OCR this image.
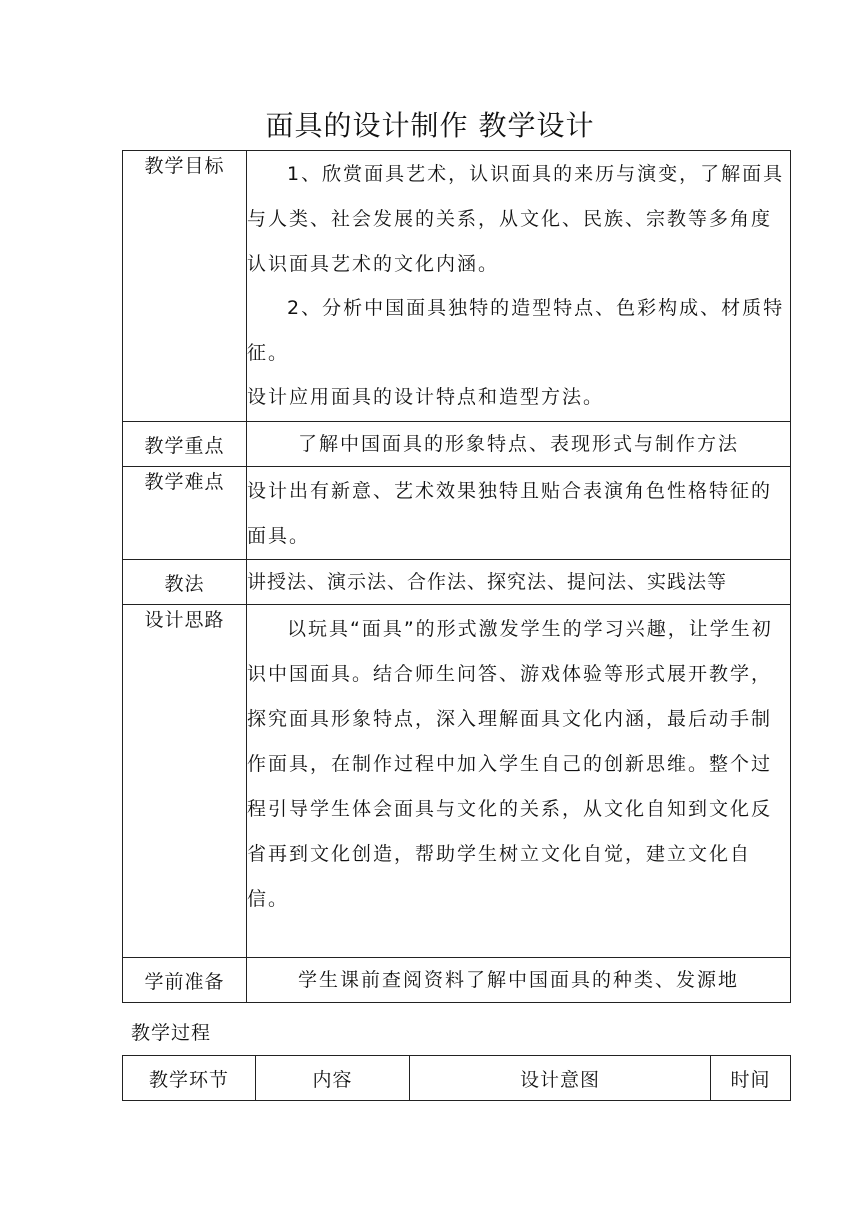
面具的设计制作 教学设计
教学目标	1、欣赏面具艺术，认识面具的来历与演变，了解面具与人类、社会发展的关系，从文化、民族、宗教等多角度认识面具艺术的文化内涵。

2、分析中国面具独特的造型特点、色彩构成、材质特征。

设计应用面具的设计特点和造型方法。

教学重点	了解中国面具的形象特点、表现形式与制作方法
教学难点	设计出有新意、艺术效果独特且贴合表演角色性格特征的面具。
教法	讲授法、演示法、合作法、探究法、提问法、实践法等
设计思路	以玩具“面具”的形式激发学生的学习兴趣，让学生初识中国面具。结合师生问答、游戏体验等形式展开教学，探究面具形象特点，深入理解面具文化内涵，最后动手制作面具，在制作过程中加入学生自己的创新思维。整个过程引导学生体会面具与文化的关系，从文化自知到文化反省再到文化创造，帮助学生树立文化自觉，建立文化自信。
学前准备	学生课前查阅资料了解中国面具的种类、发源地
教学过程
教学环节	内容	设计意图	时间
